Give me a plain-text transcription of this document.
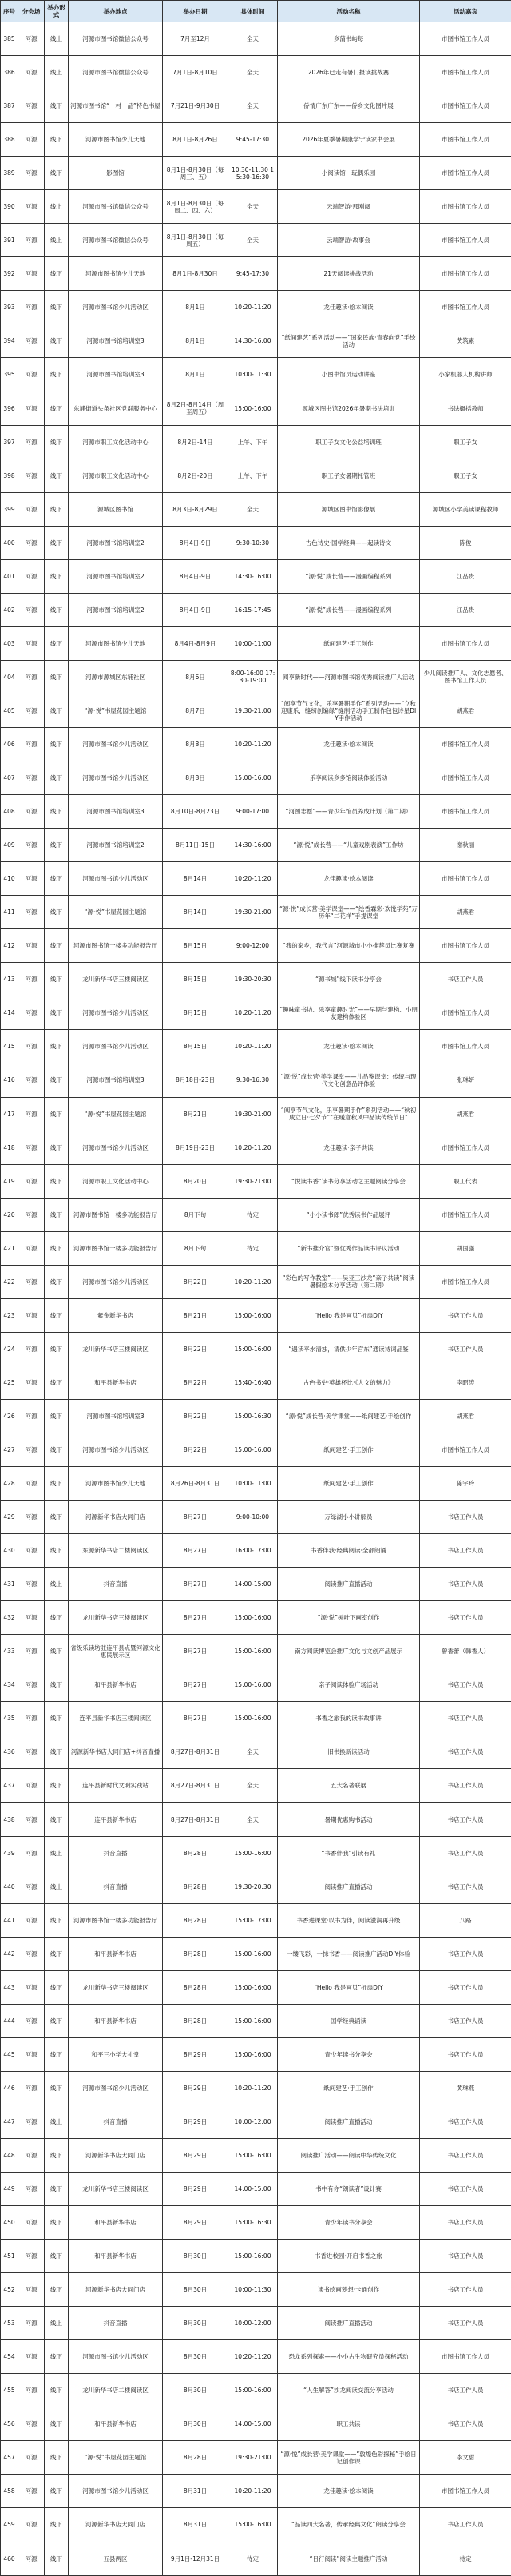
序号	分会场	举办形式	举办地点	举办日期	具体时间	活动名称	活动嘉宾
385	河源	线上	河源市图书馆微信公众号	7月至12月	全天	乡蒲书屿每	市图书馆工作人员
386	河源	线上	河源市图书馆微信公众号	7月1日-8月10日	全天	2026年已走有暑门报读挑战赛	市图书馆工作人员
387	河源	线下	河源市图书馆“一村一品”特色书屋	7月21日-9月30日	全天	侨情广东广东——侨乡文化图片展	市图书馆工作人员
388	河源	线下	河源市图书馆少儿天地	8月1日-8月26日	9:45-17:30	2026年夏季暑期康学宁读家书会展	市图书馆工作人员
389	河源	线下	影图馆	8月1日-8月30日（每周三、五）	10:30-11:30 15:30-16:30	小阅读馆：玩偶乐园	市图书馆工作人员
390	河源	线上	河源市图书馆微信公众号	8月1日-8月30日（每周二、四、六）	全天	云端智游·那刚阅	市图书馆工作人员
391	河源	线上	河源市图书馆微信公众号	8月1日-8月30日（每周五）	全天	云端智游·故事会	市图书馆工作人员
392	河源	线下	河源市图书馆少儿天地	8月1日-8月30日	9:45-17:30	21天阅读挑战活动	市图书馆工作人员
393	河源	线下	河源市图书馆少儿活动区	8月1日	10:20-11:20	龙佳趣读·绘本阅读	市图书馆工作人员
394	河源	线下	河源市图书馆培训室3	8月1日	14:30-16:00	“纸间建艺”系列活动——“国家民族·青春向党”手绘活动	黄筑素
395	河源	线下	河源市图书馆培训室3	8月1日	10:00-11:30	小图书馆员运动讲座	小家机器人机构讲师
396	河源	线下	东埔街道头条社区党群服务中心	8月2日-8月14日（周一至周五）	15:00-16:00	源城区图书馆2026年暑期书法培训	书法概括教师
397	河源	线下	河源市职工文化活动中心	8月2日-14日	上午、下午	职工子女文化公益培训班	职工子女
398	河源	线下	河源市职工文化活动中心	8月2日-20日	上午、下午	职工子女暑期托管班	职工子女
399	河源	线下	源城区图书馆	8月3日-8月29日	全天	源城区图书馆影像展	源城区小学美读课程教师
400	河源	线下	河源市图书馆培训室2	8月4日-9日	9:30-10:30	古色诗史·国学经典——起读诗文	陈俊
401	河源	线下	河源市图书馆培训室2	8月4日-9日	14:30-16:00	“源·悦”成长营——漫画编程系列	江品贵
402	河源	线下	河源市图书馆培训室2	8月4日-9日	16:15-17:45	“源·悦”成长营——漫画编程系列	江品贵
403	河源	线下	河源市图书馆少儿天地	8月4日-8月9日	10:00-11:00	纸间建艺·手工创作	市图书馆工作人员
404	河源	线下	河源市源城区东埔社区	8月6日	8:00-16:00 17:30-19:00	阅享新时代——河源市图书馆优秀阅读推广人活动	少儿阅读推广人、文化志愿者、图书馆工作人员
405	河源	线下	“源·悦”书屋花园主题馆	8月7日	19:30-21:00	“阅享节气文化，乐享暑期手作”系列活动——“立秋迎康乐，缝纫创编绿”缝制活动手工制作包包诗星DIY手作活动	胡燕君
406	河源	线下	河源市图书馆少儿活动区	8月8日	10:20-11:20	龙佳趣读·绘本阅读	市图书馆工作人员
407	河源	线下	河源市图书馆少儿活动区	8月8日	15:00-16:00	乐享阅读乡多馆阅读体验活动	市图书馆工作人员
408	河源	线下	河源市图书馆培训室3	8月10日-8月23日	9:00-17:00	“河图志愿”——青少年馆员养成计划（第二期）	市图书馆工作人员
409	河源	线下	河源市图书馆培训室2	8月11日-15日	14:30-16:00	“源·悦”成长营——“儿童戏剧表演”工作坊	谢秋丽
410	河源	线下	河源市图书馆少儿活动区	8月14日	10:20-11:20	龙佳趣读·绘本阅读	市图书馆工作人员
411	河源	线下	“源·悦”书屋花园主题馆	8月14日	19:30-21:00	“源·悦”成长营·美学课堂——“绘香霖彩·欢悦学苑”万历年“二花样”手提课堂	胡燕君
412	河源	线下	河源市图书馆一楼多功能报告厅	8月15日	9:00-12:00	“我的家乡，我代言”河源城市小小推荐员比赛复赛	市图书馆工作人员
413	河源	线下	龙川新华书店三楼阅读区	8月15日	19:30-20:30	“源书城”线下读书分享会	书店工作人员
414	河源	线下	河源市图书馆少儿活动区	8月15日	10:20-11:20	“趣味童书坊、乐享童趣时光”——早期与建构、小朋友建构体验区	市图书馆工作人员
415	河源	线下	河源市图书馆少儿活动区	8月15日	10:20-11:20	龙佳趣读·绘本阅读	市图书馆工作人员
416	河源	线下	河源市图书馆培训室3	8月18日-23日	9:30-16:30	“源·悦”成长营·美学课堂——儿品鉴课堂：传统与现代文化创意品评体验	张琳妍
417	河源	线下	“源·悦”书屋花园主题馆	8月21日	19:30-21:00	“阅享节气文化，乐享暑期手作”系列活动——“秋初成立日·七夕节”“在暖意秋风中品读传统节日”	胡燕君
418	河源	线下	河源市图书馆少儿活动区	8月19日-23日	10:20-11:20	龙佳趣读·亲子共读	市图书馆工作人员
419	河源	线下	河源市职工文化活动中心	8月20日	19:30-21:00	“悦读书香”读书分享活动之主题阅读分享会	职工代表
420	河源	线下	河源市图书馆一楼多功能报告厅	8月下旬	待定	“小小读书郎”优秀读书作品展评	市图书馆工作人员
421	河源	线下	河源市图书馆一楼多功能报告厅	8月下旬	待定	“新书推介官”暨优秀作品读书评议活动	胡国强
422	河源	线下	河源市图书馆少儿活动区	8月22日	10:20-11:20	“彩色的写作教室”——吴亚三沙龙“亲子共读”阅读暑假绘本分享活动（第二期）	市图书馆工作人员
423	河源	线下	紫金新华书店	8月21日	15:00-16:00	“Hello 我是画贝”折扇DIY	书店工作人员
424	河源	线下	龙川新华书店三楼阅读区	8月22日	15:00-16:00	“遇读平水清浊，请供少年宫东”通读诗词品鉴	书店工作人员
425	河源	线下	和平县新华书店	8月22日	15:40-16:40	古色书史·英雄杯比·《人文的魅力》	李昭涛
426	河源	线下	河源市图书馆培训室3	8月22日	15:00-16:30	“源·悦”成长营·美学课堂——纸间建艺·手绘创作	胡燕君
427	河源	线下	河源市图书馆少儿活动区	8月22日	15:00-16:00	纸间建艺·手工创作	市图书馆工作人员
428	河源	线下	河源市图书馆少儿天地	8月26日-8月31日	10:00-11:00	纸间建艺·手工创作	陈宇玲
429	河源	线下	河源新华书店大同门店	8月27日	9:00-10:00	万绿湖小小讲解员	书店工作人员
430	河源	线下	东源新华书店二楼阅读区	8月27日	16:00-17:00	书香伴我·经典阅读·全都朗诵	书店工作人员
431	河源	线上	抖音直播	8月27日	14:00-15:00	阅读推广直播活动	书店工作人员
432	河源	线下	龙川新华书店三楼阅读区	8月27日	15:00-16:00	“源·悦”树叶下画室创作	书店工作人员
433	河源	线下	省级乐读坊驻连平县点暨河源文化惠民展示区	8月27日	15:00-16:00	南方阅读博览会推广文化与文创产品展示	曾香蕾（韩香人）
434	河源	线下	和平县新华书店	8月27日	15:00-16:00	亲子阅读体验广场活动	书店工作人员
435	河源	线下	连平县新华书店三楼阅读区	8月27日	15:00-16:00	书香之旅我的读书故事讲	书店工作人员
436	河源	线下	河源新华书店大同门店+抖音直播	8月27日-8月31日	全天	旧书换新读活动	书店工作人员
437	河源	线下	连平县新时代文明实践站	8月27日-8月31日	全天	五大名著联展	书店工作人员
438	河源	线下	连平县新华书店	8月27日-8月31日	全天	暑期优惠购书活动	书店工作人员
439	河源	线上	抖音直播	8月28日	15:00-16:00	“书香伴我”引读有礼	书店工作人员
440	河源	线上	抖音直播	8月28日	19:30-20:30	阅读推广直播活动	书店工作人员
441	河源	线下	河源市图书馆一楼多功能报告厅	8月28日	15:00-17:00	书香进课堂·以书为伴，阅读滋润再升级	八路
442	河源	线下	和平县新华书店	8月28日	15:00-16:00	一缕飞彩，一抹书香——阅读推广活动DIY体验	书店工作人员
443	河源	线下	龙川新华书店三楼阅读区	8月28日	15:00-16:00	“Hello 我是画贝”折扇DIY	书店工作人员
444	河源	线下	和平县新华书店	8月28日	15:00-16:00	国学经典诵读	书店工作人员
445	河源	线下	和平三小学大礼堂	8月29日	15:00-16:00	青少年读书分享会	书店工作人员
446	河源	线下	河源市图书馆少儿活动区	8月29日	10:20-11:20	纸间建艺·手工创作	黄琳燕
447	河源	线上	抖音直播	8月29日	10:00-12:00	阅读推广直播活动	书店工作人员
448	河源	线下	河源新华书店大同门店	8月29日	15:00-16:00	阅读推广活动——朗读中华传统文化	书店工作人员
449	河源	线下	龙川新华书店三楼阅读区	8月29日	14:00-15:00	书中有你“朗读者”设计赛	书店工作人员
450	河源	线下	和平县新华书店	8月29日	15:00-16:30	青少年读书分享会	书店工作人员
451	河源	线下	和平县新华书店	8月30日	15:00-16:00	书香进校园·开启书香之旅	书店工作人员
452	河源	线下	河源新华书店大同门店	8月30日	10:00-11:30	读书绘画梦想·卡通创作	书店工作人员
453	河源	线上	抖音直播	8月30日	10:00-12:00	阅读推广直播活动	书店工作人员
454	河源	线下	河源市图书馆少儿活动区	8月30日	10:20-11:20	恐龙系列探索——小小古生物研究员探秘活动	市图书馆工作人员
455	河源	线下	龙川新华书店二楼阅读区	8月30日	15:00-16:00	“人生解答”沙龙阅读交流分享活动	书店工作人员
456	河源	线下	和平县新华书店	8月30日	14:00-15:00	职工共读	书店工作人员
457	河源	线下	“源·悦”书屋花园主题馆	8月28日	19:30-21:00	“源·悦”成长营·美学课堂——“敦煌色彩探秘”手绘日记创作课	李文甜
458	河源	线下	河源市图书馆少儿活动区	8月31日	10:20-11:20	龙佳趣读·绘本阅读	市图书馆工作人员
459	河源	线下	河源新华书店大同门店	8月31日	15:00-16:00	“品读四大名著，传承经典文化”朗读分享会	书店工作人员
460	河源	线下	五县两区	9月1日-12月31日	待定	“日行阅读”阅读主题推广活动	待定
